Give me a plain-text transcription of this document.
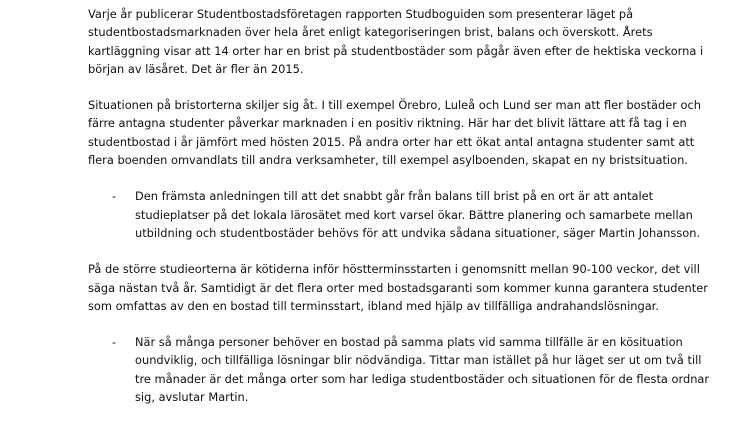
Varje år publicerar Studentbostadsföretagen rapporten Studboguiden som presenterar läget på
studentbostadsmarknaden över hela året enligt kategoriseringen brist, balans och överskott. Årets
kartläggning visar att 14 orter har en brist på studentbostäder som pågår även efter de hektiska veckorna i
början av läsåret. Det är fler än 2015.

Situationen på bristorterna skiljer sig åt. I till exempel Örebro, Luleå och Lund ser man att fler bostäder och
färre antagna studenter påverkar marknaden i en positiv riktning. Här har det blivit lättare att få tag i en
studentbostad i år jämfört med hösten 2015. På andra orter har ett ökat antal antagna studenter samt att
flera boenden omvandlats till andra verksamheter, till exempel asylboenden, skapat en ny bristsituation.

- Den främsta anledningen till att det snabbt går från balans till brist på en ort är att antalet
studieplatser på det lokala lärosätet med kort varsel ökar. Bättre planering och samarbete mellan
utbildning och studentbostäder behövs för att undvika sådana situationer, säger Martin Johansson.

På de större studieorterna är kötiderna inför höstterminsstarten i genomsnitt mellan 90-100 veckor, det vill
säga nästan två år. Samtidigt är det flera orter med bostadsgaranti som kommer kunna garantera studenter
som omfattas av den en bostad till terminsstart, ibland med hjälp av tillfälliga andrahandslösningar.

- När så många personer behöver en bostad på samma plats vid samma tillfälle är en kösituation
oundviklig, och tillfälliga lösningar blir nödvändiga. Tittar man istället på hur läget ser ut om två till
tre månader är det många orter som har lediga studentbostäder och situationen för de flesta ordnar
sig, avslutar Martin.
